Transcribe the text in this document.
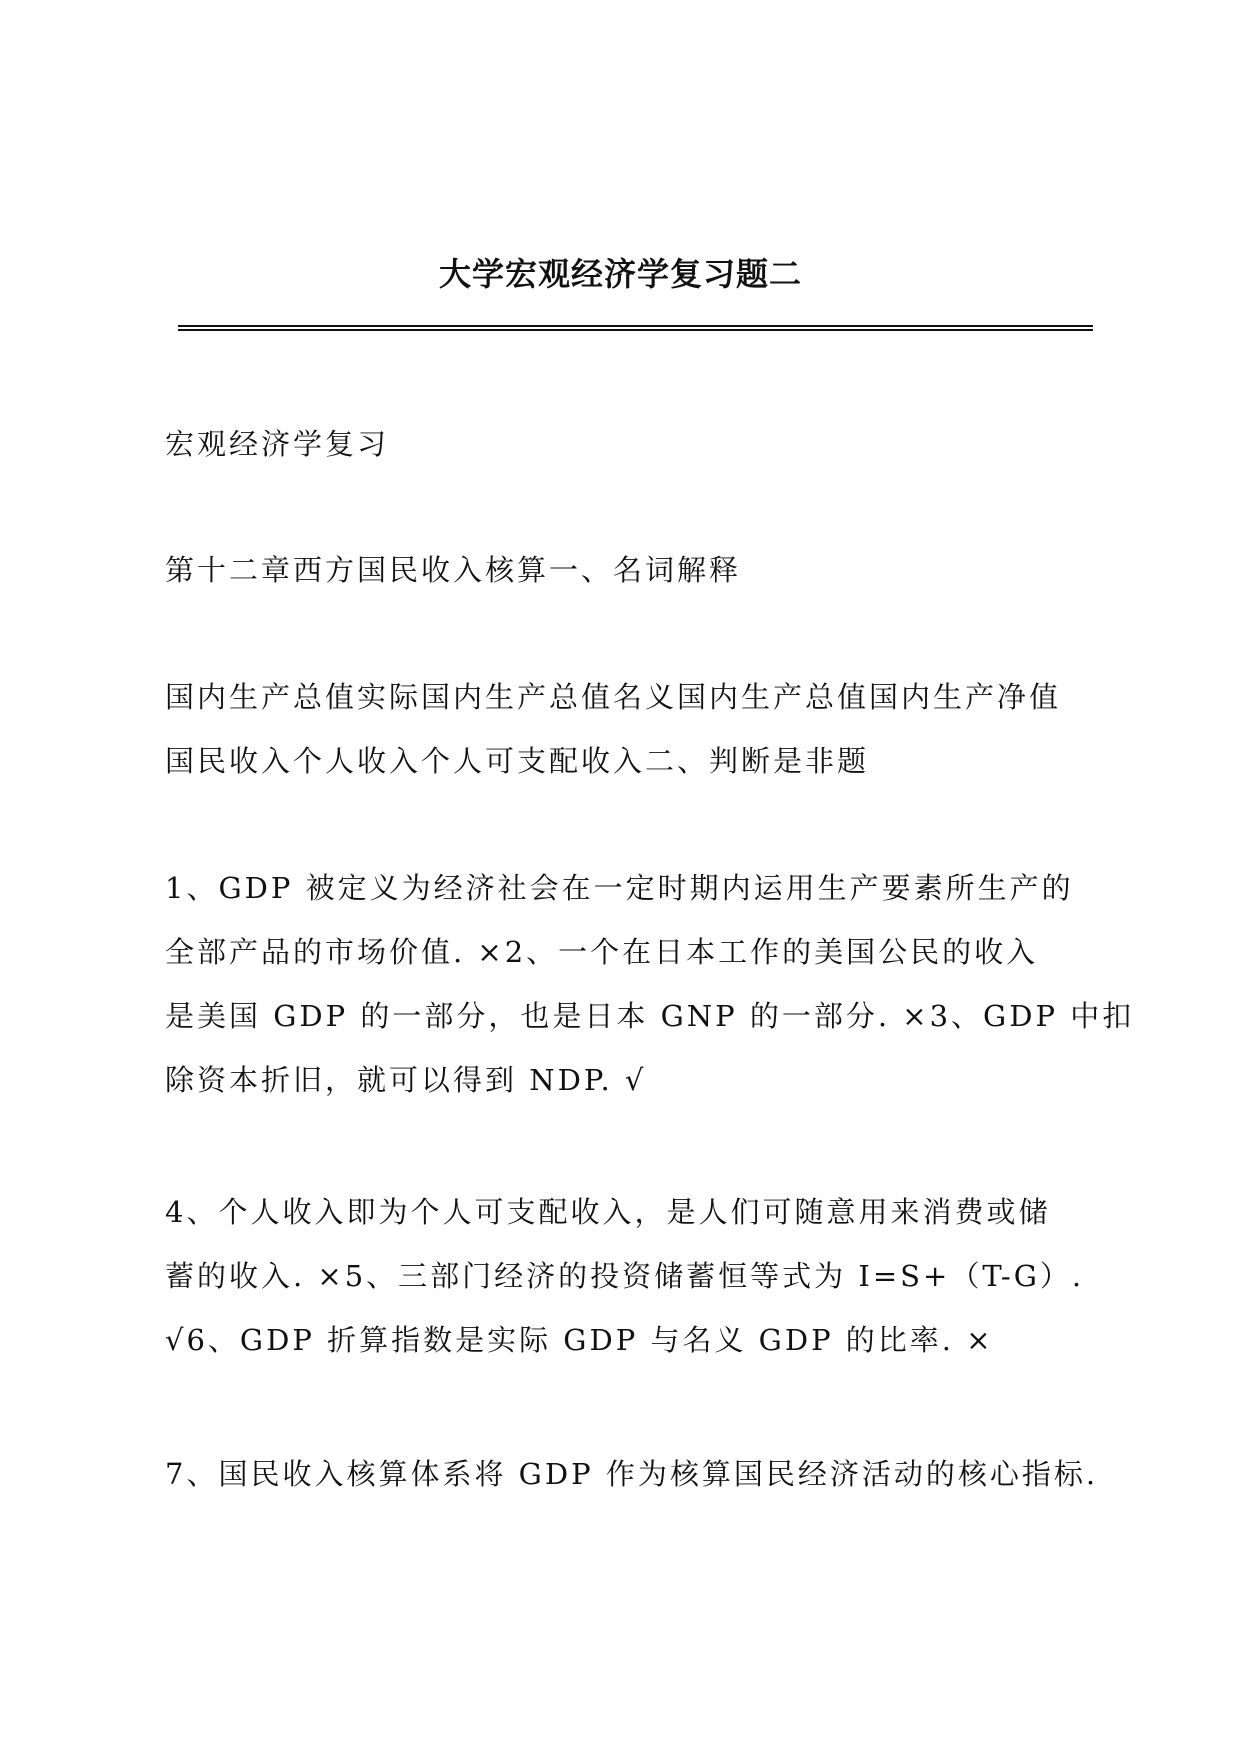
大学宏观经济学复习题二

宏观经济学复习

第十二章西方国民收入核算一、名词解释

国内生产总值实际国内生产总值名义国内生产总值国内生产净值
国民收入个人收入个人可支配收入二、判断是非题

1、GDP 被定义为经济社会在一定时期内运用生产要素所生产的
全部产品的市场价值. ×2、一个在日本工作的美国公民的收入
是美国 GDP 的一部分，也是日本 GNP 的一部分. ×3、GDP 中扣
除资本折旧，就可以得到 NDP. √

4、个人收入即为个人可支配收入，是人们可随意用来消费或储
蓄的收入. ×5、三部门经济的投资储蓄恒等式为 I=S+（T-G）.
√6、GDP 折算指数是实际 GDP 与名义 GDP 的比率. ×

7、国民收入核算体系将 GDP 作为核算国民经济活动的核心指标.
